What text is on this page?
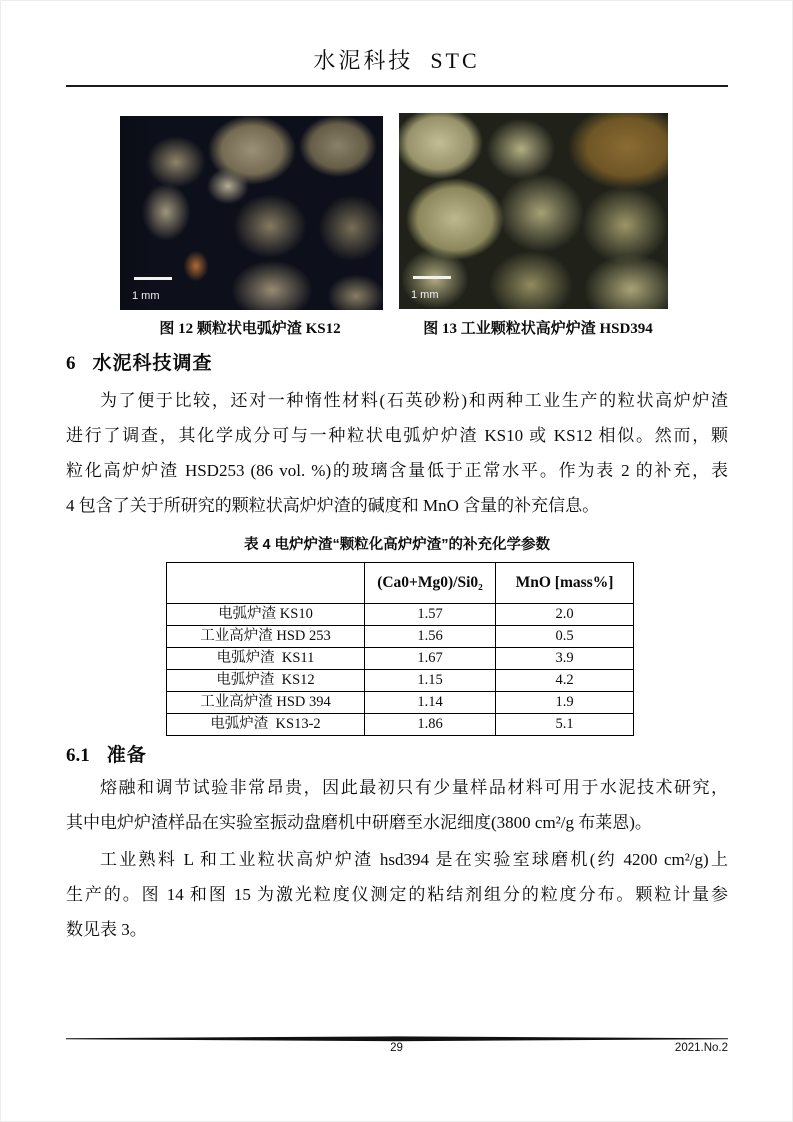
水泥科技  STC
1 mm	1 mm
图 12 颗粒状电弧炉渣 KS12	图 13 工业颗粒状高炉炉渣 HSD394
6 水泥科技调查
为了便于比较，还对一种惰性材料(石英砂粉)和两种工业生产的粒状高炉炉渣
进行了调查，其化学成分可与一种粒状电弧炉炉渣 KS10 或 KS12 相似。然而，颗
粒化高炉炉渣 HSD253 (86 vol. %)的玻璃含量低于正常水平。作为表 2 的补充，表
4 包含了关于所研究的颗粒状高炉炉渣的碱度和 MnO 含量的补充信息。
表 4 电炉炉渣“颗粒化高炉炉渣”的补充化学参数
	(Ca0+Mg0)/Si0₂	MnO [mass%]
电弧炉渣 KS10	1.57	2.0
工业高炉渣 HSD 253	1.56	0.5
电弧炉渣  KS11	1.67	3.9
电弧炉渣  KS12	1.15	4.2
工业高炉渣 HSD 394	1.14	1.9
电弧炉渣  KS13-2	1.86	5.1
6.1 准备
熔融和调节试验非常昂贵，因此最初只有少量样品材料可用于水泥技术研究，
其中电炉炉渣样品在实验室振动盘磨机中研磨至水泥细度(3800 cm²/g 布莱恩)。
工业熟料 L 和工业粒状高炉炉渣 hsd394 是在实验室球磨机(约 4200 cm²/g)上
生产的。图 14 和图 15 为激光粒度仪测定的粘结剂组分的粒度分布。颗粒计量参
数见表 3。
29	2021.No.2
